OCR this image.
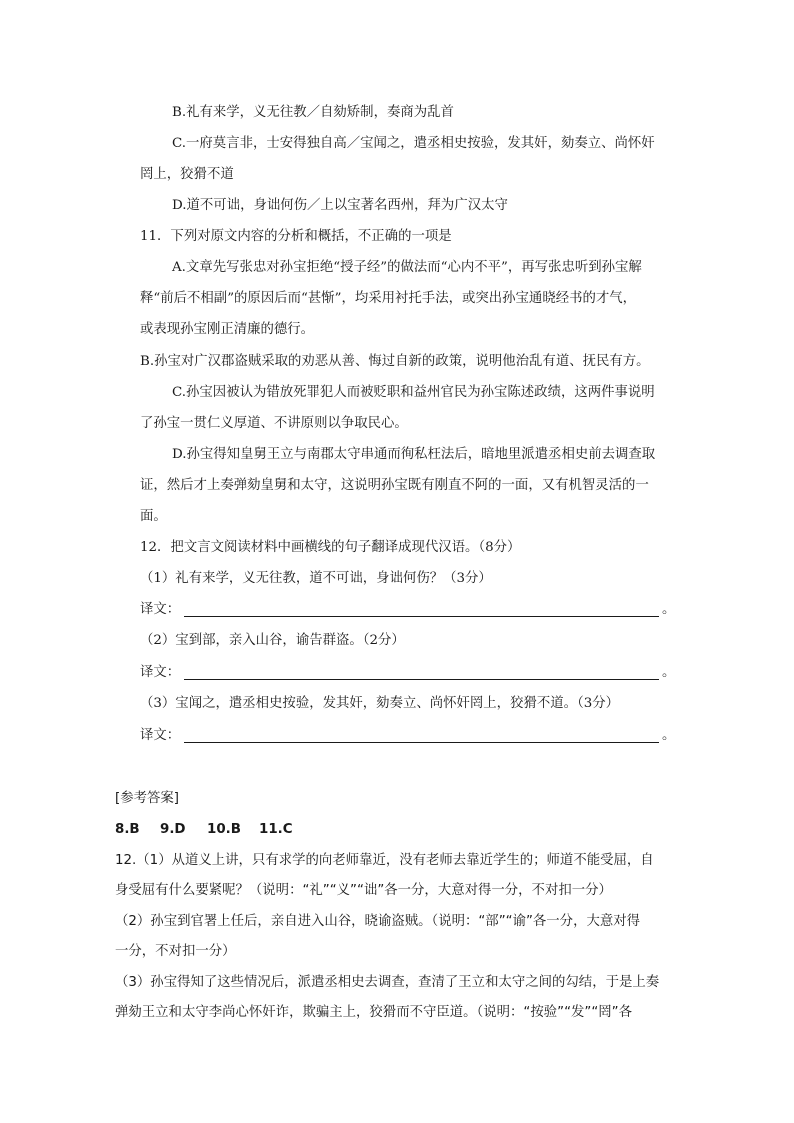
B.礼有来学，义无往教／自劾矫制，奏商为乱首
C.一府莫言非，士安得独自高／宝闻之，遣丞相史按验，发其奸，劾奏立、尚怀奸
罔上，狡猾不道
D.道不可诎，身诎何伤／上以宝著名西州，拜为广汉太守
11．下列对原文内容的分析和概括，不正确的一项是
A.文章先写张忠对孙宝拒绝“授子经”的做法而“心内不平”，再写张忠听到孙宝解
释“前后不相副”的原因后而“甚惭”，均采用衬托手法，或突出孙宝通晓经书的才气，
或表现孙宝刚正清廉的德行。
B.孙宝对广汉郡盗贼采取的劝恶从善、悔过自新的政策，说明他治乱有道、抚民有方。
C.孙宝因被认为错放死罪犯人而被贬职和益州官民为孙宝陈述政绩，这两件事说明
了孙宝一贯仁义厚道、不讲原则以争取民心。
D.孙宝得知皇舅王立与南郡太守串通而徇私枉法后，暗地里派遣丞相史前去调查取
证，然后才上奏弹劾皇舅和太守，这说明孙宝既有刚直不阿的一面，又有机智灵活的一
面。
12．把文言文阅读材料中画横线的句子翻译成现代汉语。（8分）
（1）礼有来学，义无往教，道不可诎，身诎何伤？（3分）
译文：	。
（2）宝到部，亲入山谷，谕告群盗。（2分）
译文：	。
（3）宝闻之，遣丞相史按验，发其奸，劾奏立、尚怀奸罔上，狡猾不道。（3分）
译文：	。
[参考答案]
8.B 9.D 10.B 11.C
12.（1）从道义上讲，只有求学的向老师靠近，没有老师去靠近学生的；师道不能受屈，自
身受屈有什么要紧呢？（说明：“礼”“义”“诎”各一分，大意对得一分，不对扣一分）
（2）孙宝到官署上任后，亲自进入山谷，晓谕盗贼。（说明：“部”“谕”各一分，大意对得
一分，不对扣一分）
（3）孙宝得知了这些情况后，派遣丞相史去调查，查清了王立和太守之间的勾结，于是上奏
弹劾王立和太守李尚心怀奸诈，欺骗主上，狡猾而不守臣道。（说明：“按验”“发”“罔”各
